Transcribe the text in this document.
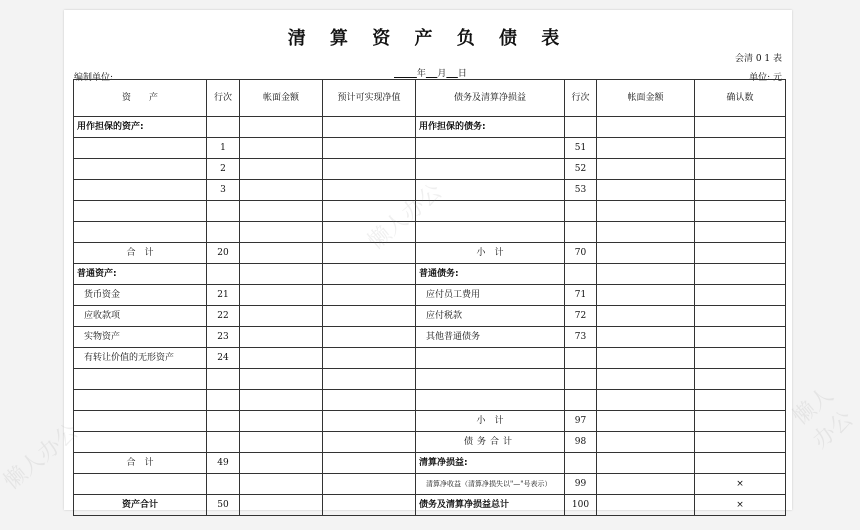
清 算 资 产 负 债 表
会清 0 1 表
编制单位:	年 月 日	单位: 元
资　　产	行次	帐面金额	预计可实现净值	债务及清算净损益	行次	帐面金额	确认数
用作担保的资产:				用作担保的债务:			
	1				51		
	2				52		
	3				53		

合　计	20			小　计	70		
普通资产:				普通债务:			
货币资金	21			应付员工费用	71		
应收款项	22			应付税款	72		
实物资产	23			其他普通债务	73		
有转让价值的无形资产	24						

				小　计	97		
				债务合计	98		
合　计	49			清算净损益:			
				清算净收益（清算净损失以"—"号表示）	99		×
资产合计	50			债务及清算净损益总计	100		×
懒人办公
懒人办公
